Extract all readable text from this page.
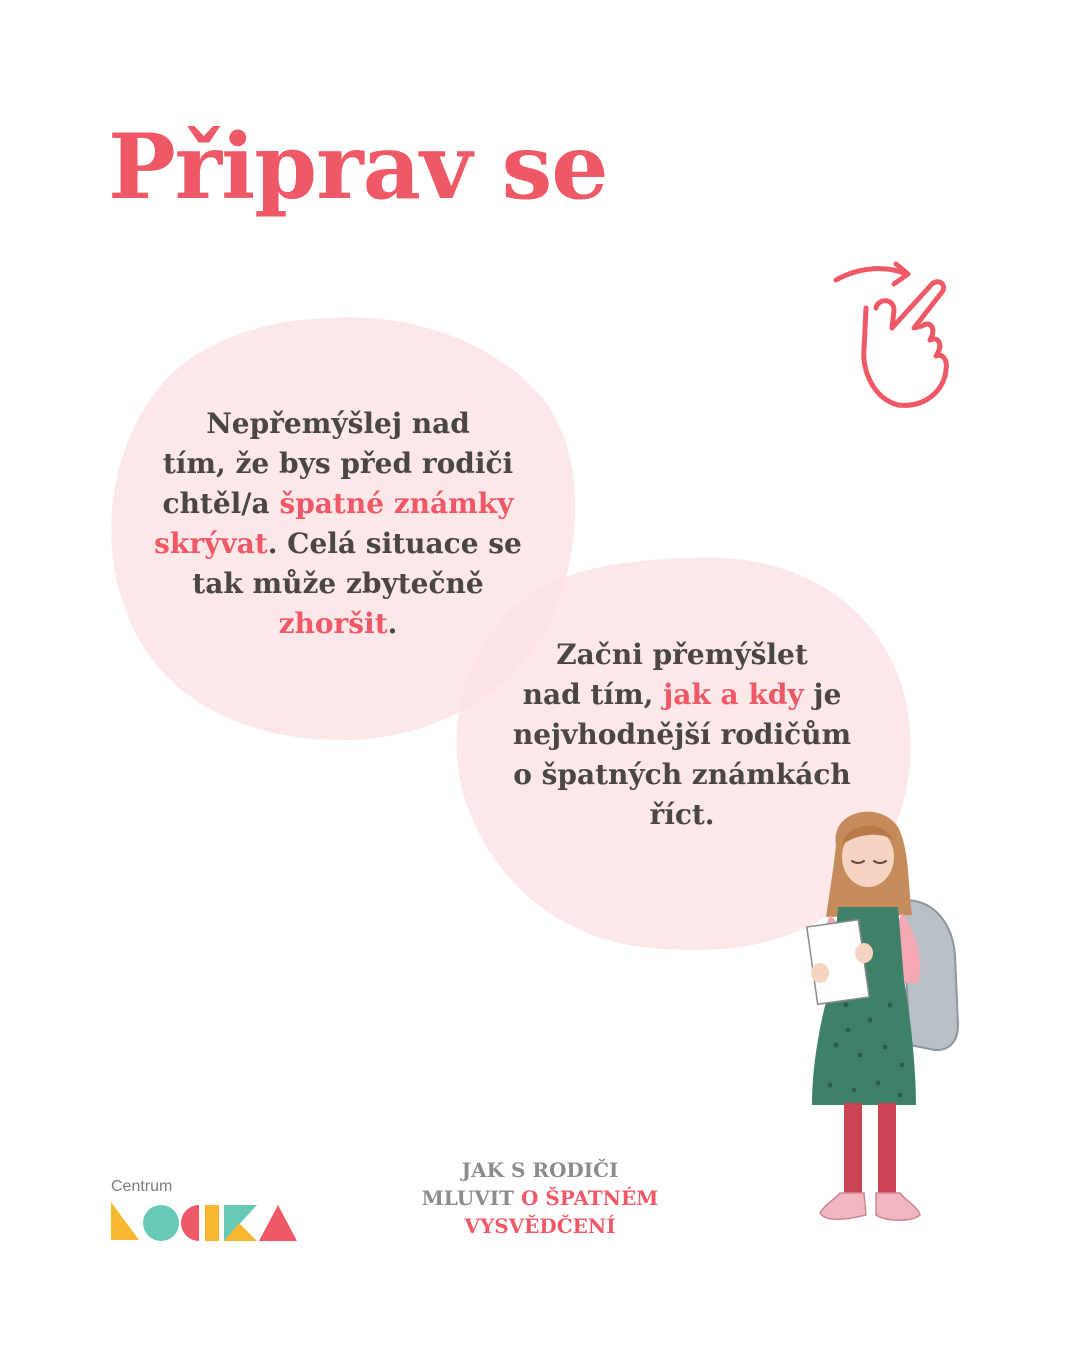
Připrav se

Nepřemýšlej nad
tím, že bys před rodiči
chtěl/a špatné známky
skrývat. Celá situace se
tak může zbytečně
zhoršit.

Začni přemýšlet
nad tím, jak a kdy je
nejvhodnější rodičům
o špatných známkách
říct.

Centrum

JAK S RODIČI
MLUVIT O ŠPATNÉM
VYSVĚDČENÍ
